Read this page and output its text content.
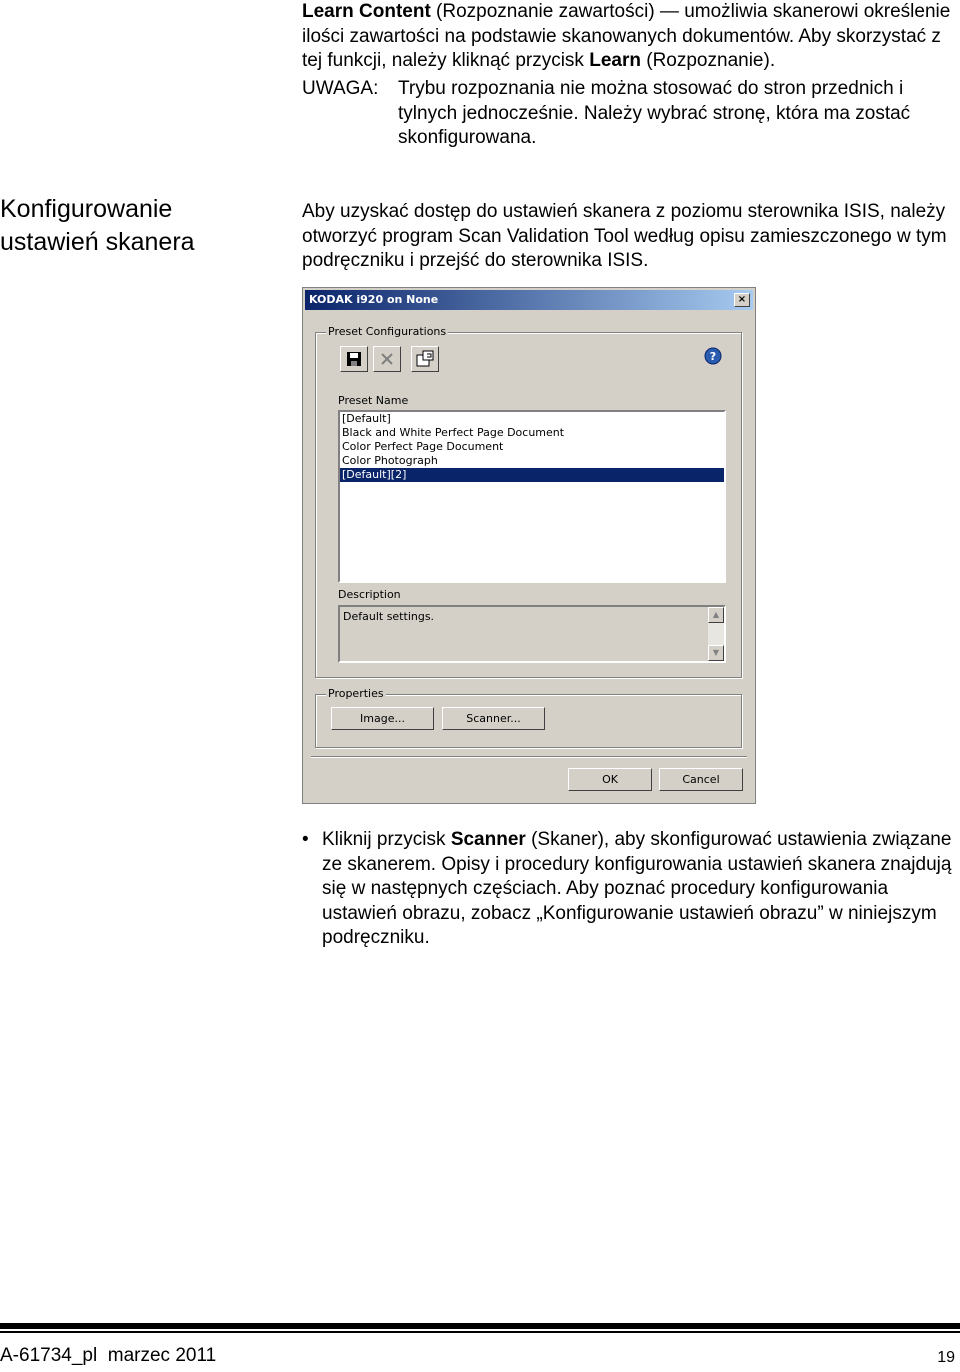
Learn Content (Rozpoznanie zawartości) — umożliwia skanerowi określenie ilości zawartości na podstawie skanowanych dokumentów. Aby skorzystać z tej funkcji, należy kliknąć przycisk Learn (Rozpoznanie).

UWAGA: Trybu rozpoznania nie można stosować do stron przednich i tylnych jednocześnie. Należy wybrać stronę, która ma zostać skonfigurowana.
Konfigurowanie
ustawień skanera

Aby uzyskać dostęp do ustawień skanera z poziomu sterownika ISIS, należy otworzyć program Scan Validation Tool według opisu zamieszczonego w tym podręczniku i przejść do sterownika ISIS.

KODAK i920 on None	×
Preset Configurations
?
Preset Name
[Default]
Black and White Perfect Page Document
Color Perfect Page Document
Color Photograph
[Default][2]
Description
Default settings.	▲
▼
Properties
Image...	Scanner...
OK	Cancel
• Kliknij przycisk Scanner (Skaner), aby skonfigurować ustawienia związane ze skanerem. Opisy i procedury konfigurowania ustawień skanera znajdują się w następnych częściach. Aby poznać procedury konfigurowania ustawień obrazu, zobacz „Konfigurowanie ustawień obrazu” w niniejszym podręczniku.
A-61734_pl  marzec 2011	19
